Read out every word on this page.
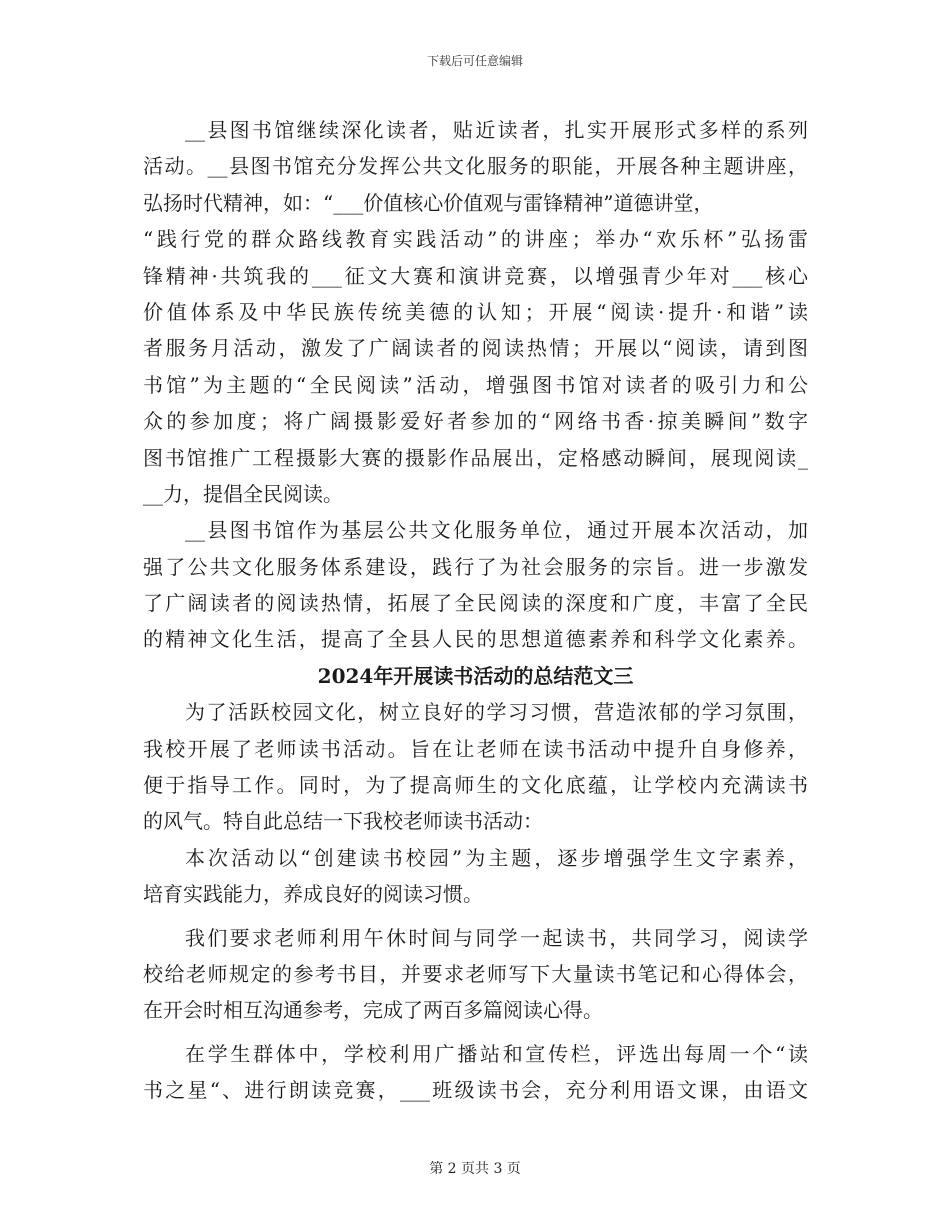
下载后可任意编辑
__县图书馆继续深化读者，贴近读者，扎实开展形式多样的系列
活动。__县图书馆充分发挥公共文化服务的职能，开展各种主题讲座，
弘扬时代精神，如：“___价值核心价值观与雷锋精神”道德讲堂，
“践行党的群众路线教育实践活动”的讲座；举办“欢乐杯”弘扬雷
锋精神·共筑我的___征文大赛和演讲竞赛，以增强青少年对___核心
价值体系及中华民族传统美德的认知；开展“阅读·提升·和谐”读
者服务月活动，激发了广阔读者的阅读热情；开展以“阅读，请到图
书馆”为主题的“全民阅读”活动，增强图书馆对读者的吸引力和公
众的参加度；将广阔摄影爱好者参加的“网络书香·掠美瞬间”数字
图书馆推广工程摄影大赛的摄影作品展出，定格感动瞬间，展现阅读_
__力，提倡全民阅读。
__县图书馆作为基层公共文化服务单位，通过开展本次活动，加
强了公共文化服务体系建设，践行了为社会服务的宗旨。进一步激发
了广阔读者的阅读热情，拓展了全民阅读的深度和广度，丰富了全民
的精神文化生活，提高了全县人民的思想道德素养和科学文化素养。
2024年开展读书活动的总结范文三
为了活跃校园文化，树立良好的学习习惯，营造浓郁的学习氛围，
我校开展了老师读书活动。旨在让老师在读书活动中提升自身修养，
便于指导工作。同时，为了提高师生的文化底蕴，让学校内充满读书
的风气。特自此总结一下我校老师读书活动：
本次活动以“创建读书校园”为主题，逐步增强学生文字素养，
培育实践能力，养成良好的阅读习惯。
我们要求老师利用午休时间与同学一起读书，共同学习，阅读学
校给老师规定的参考书目，并要求老师写下大量读书笔记和心得体会，
在开会时相互沟通参考，完成了两百多篇阅读心得。
在学生群体中，学校利用广播站和宣传栏，评选出每周一个“读
书之星“、进行朗读竞赛，___班级读书会，充分利用语文课，由语文
第 2 页共 3 页
